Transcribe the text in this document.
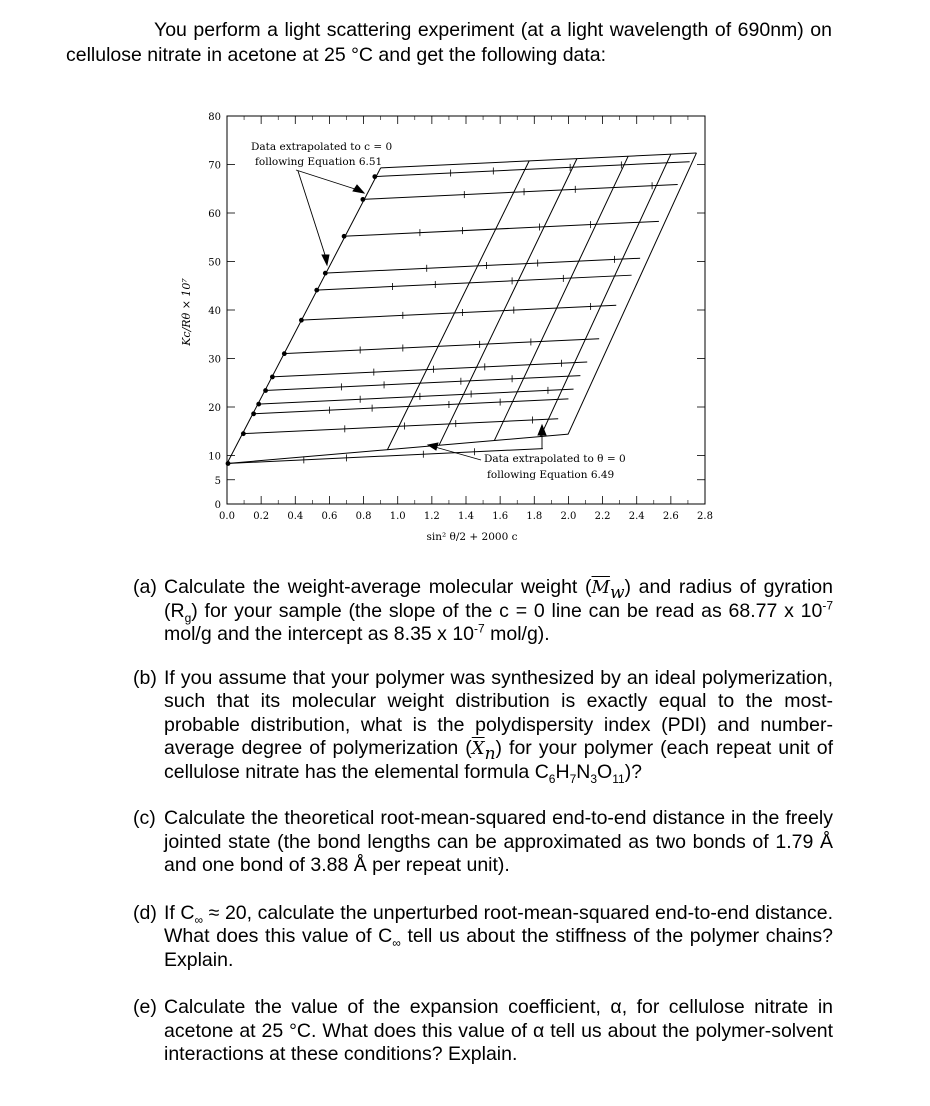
You perform a light scattering experiment (at a light wavelength of 690nm) on cellulose nitrate in acetone at 25 °C and get the following data:

0.0 0.2 0.4 0.6 0.8 1.0 1.2 1.4 1.6 1.8 2.0 2.2 2.4 2.6 2.8
0
5
10
20
30
40
50
60
70
80
Kc/Rθ × 10⁷
sin² θ/2 + 2000 c
Data extrapolated to c = 0
following Equation 6.51
Data extrapolated to θ = 0
following Equation 6.49
(a) Calculate the weight-average molecular weight $(\overline{M}_w)$ and radius of gyration $(R_g)$ for your sample (the slope of the c = 0 line can be read as 68.77 x $10^{-7}$ mol/g and the intercept as 8.35 x $10^{-7}$ mol/g).
(b) If you assume that your polymer was synthesized by an ideal polymerization, such that its molecular weight distribution is exactly equal to the most-probable distribution, what is the polydispersity index (PDI) and number-average degree of polymerization $(\overline{X}_n)$ for your polymer (each repeat unit of cellulose nitrate has the elemental formula $C_6H_7N_3O_{11}$)?
(c) Calculate the theoretical root-mean-squared end-to-end distance in the freely jointed state (the bond lengths can be approximated as two bonds of 1.79 Å and one bond of 3.88 Å per repeat unit).
(d) If $C_\infty \approx 20$, calculate the unperturbed root-mean-squared end-to-end distance. What does this value of $C_\infty$ tell us about the stiffness of the polymer chains? Explain.
(e) Calculate the value of the expansion coefficient, α, for cellulose nitrate in acetone at 25 °C. What does this value of α tell us about the polymer-solvent interactions at these conditions? Explain.
